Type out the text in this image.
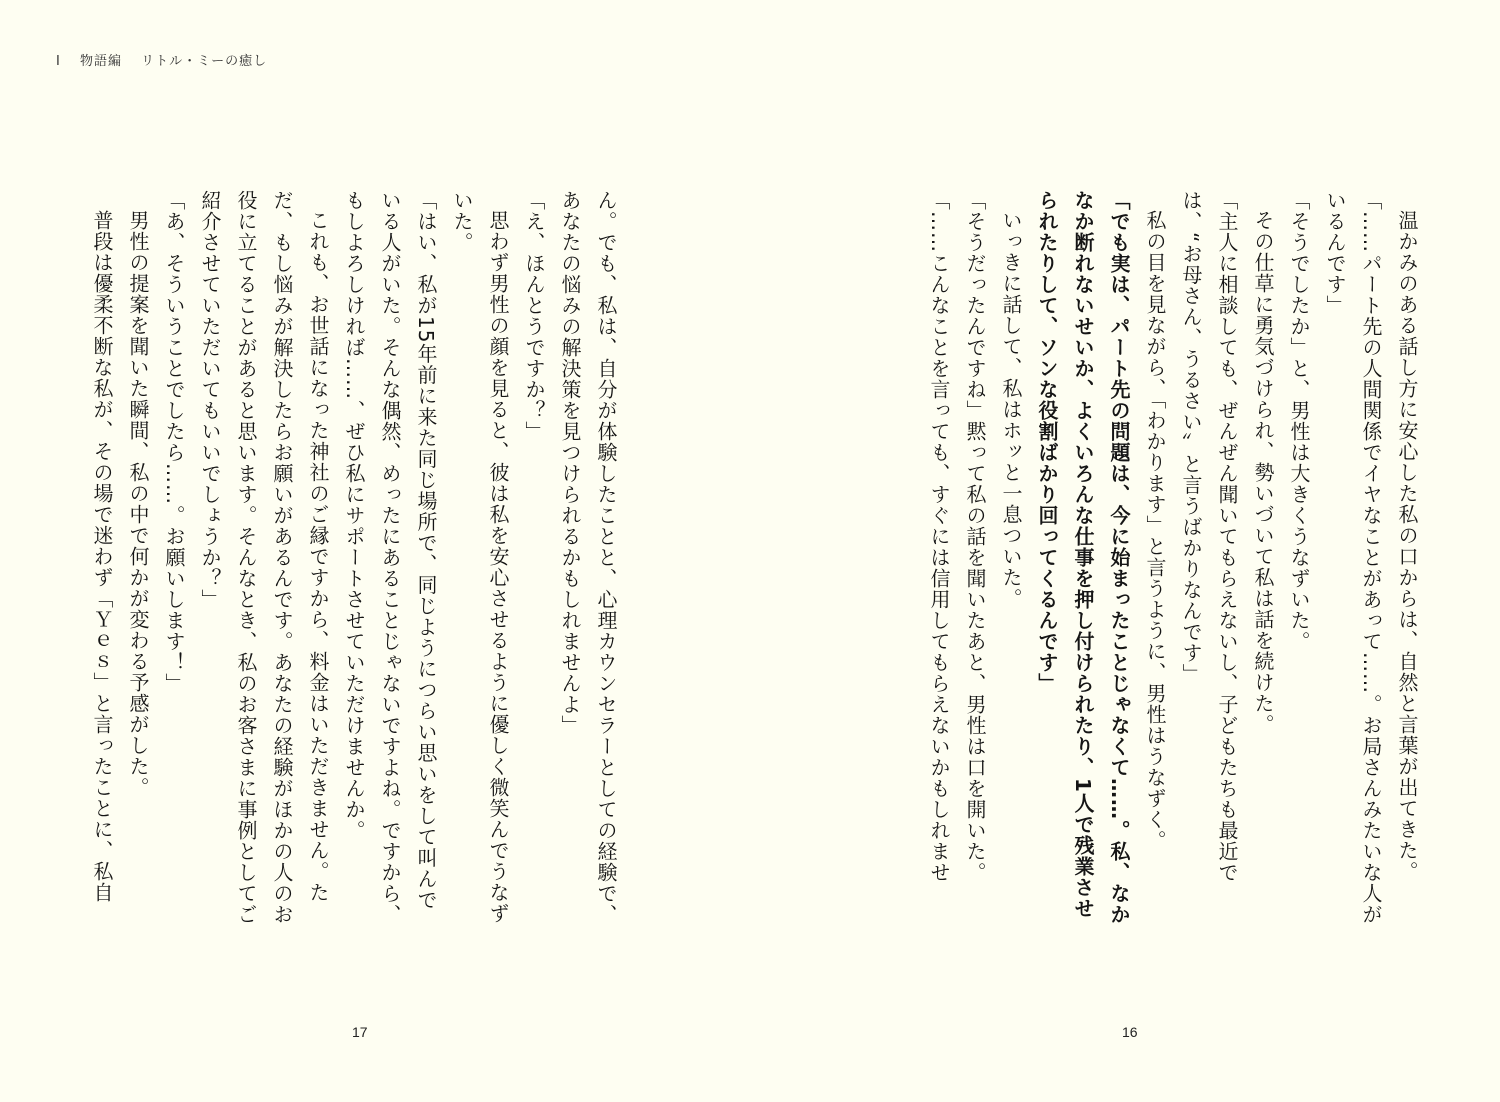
I 物語編 リトル・ミーの癒し

温かみのある話し方に安心した私の口からは、自然と言葉が出てきた。

「……パート先の人間関係でイヤなことがあって……。お局さんみたいな人がいるんです」

「そうでしたか」と、男性は大きくうなずいた。

その仕草に勇気づけられ、勢いづいて私は話を続けた。

「主人に相談しても、ぜんぜん聞いてもらえないし、子どもたちも最近では、“お母さん、うるさい〟と言うばかりなんです」

私の目を見ながら、「わかります」と言うように、男性はうなずく。

「でも実は、パート先の問題は、今に始まったことじゃなくて……。私、なかなか断れないせいか、よくいろんな仕事を押し付けられたり、1人で残業させられたりして、ソンな役割ばかり回ってくるんです」

いっきに話して、私はホッと一息ついた。

「そうだったんですね」黙って私の話を聞いたあと、男性は口を開いた。

「……こんなことを言っても、すぐには信用してもらえないかもしれませ

ん。でも、私は、自分が体験したことと、心理カウンセラーとしての経験で、あなたの悩みの解決策を見つけられるかもしれませんよ」

「え、ほんとうですか？」

思わず男性の顔を見ると、彼は私を安心させるように優しく微笑んでうなずいた。

「はい、私が15年前に来た同じ場所で、同じようにつらい思いをして叫んでいる人がいた。そんな偶然、めったにあることじゃないですよね。ですから、もしよろしければ……、ぜひ私にサポートさせていただけませんか。

これも、お世話になった神社のご縁ですから、料金はいただきません。ただ、もし悩みが解決したらお願いがあるんです。あなたの経験がほかの人のお役に立てることがあると思います。そんなとき、私のお客さまに事例としてご紹介させていただいてもいいでしょうか？」

「あ、そういうことでしたら……。お願いします！」

男性の提案を聞いた瞬間、私の中で何かが変わる予感がした。

普段は優柔不断な私が、その場で迷わず「Ｙｅｓ」と言ったことに、私自

17	16
